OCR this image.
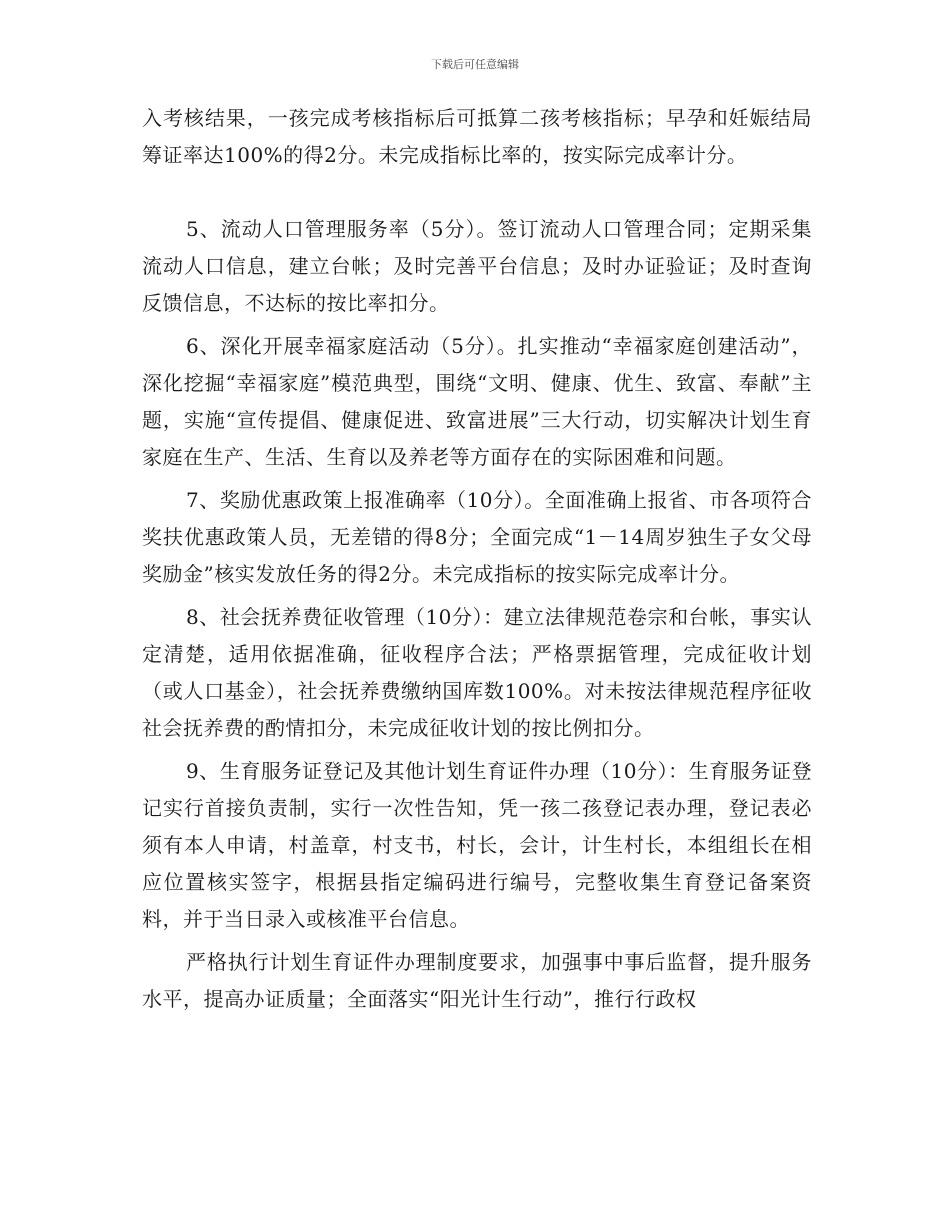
下载后可任意编辑

入考核结果，一孩完成考核指标后可抵算二孩考核指标；早孕和妊娠结局筹证率达100%的得2分。未完成指标比率的，按实际完成率计分。

5、流动人口管理服务率（5分）。签订流动人口管理合同；定期采集流动人口信息，建立台帐；及时完善平台信息；及时办证验证；及时查询反馈信息，不达标的按比率扣分。

6、深化开展幸福家庭活动（5分）。扎实推动“幸福家庭创建活动”，深化挖掘“幸福家庭”模范典型，围绕“文明、健康、优生、致富、奉献”主题，实施“宣传提倡、健康促进、致富进展”三大行动，切实解决计划生育家庭在生产、生活、生育以及养老等方面存在的实际困难和问题。

7、奖励优惠政策上报准确率（10分）。全面准确上报省、市各项符合奖扶优惠政策人员，无差错的得8分；全面完成“1－14周岁独生子女父母奖励金”核实发放任务的得2分。未完成指标的按实际完成率计分。

8、社会抚养费征收管理（10分）：建立法律规范卷宗和台帐，事实认定清楚，适用依据准确，征收程序合法；严格票据管理，完成征收计划（或人口基金），社会抚养费缴纳国库数100%。对未按法律规范程序征收社会抚养费的酌情扣分，未完成征收计划的按比例扣分。

9、生育服务证登记及其他计划生育证件办理（10分）：生育服务证登记实行首接负责制，实行一次性告知，凭一孩二孩登记表办理，登记表必须有本人申请，村盖章，村支书，村长，会计，计生村长，本组组长在相应位置核实签字，根据县指定编码进行编号，完整收集生育登记备案资料，并于当日录入或核准平台信息。

严格执行计划生育证件办理制度要求，加强事中事后监督，提升服务水平，提高办证质量；全面落实“阳光计生行动”，推行行政权
